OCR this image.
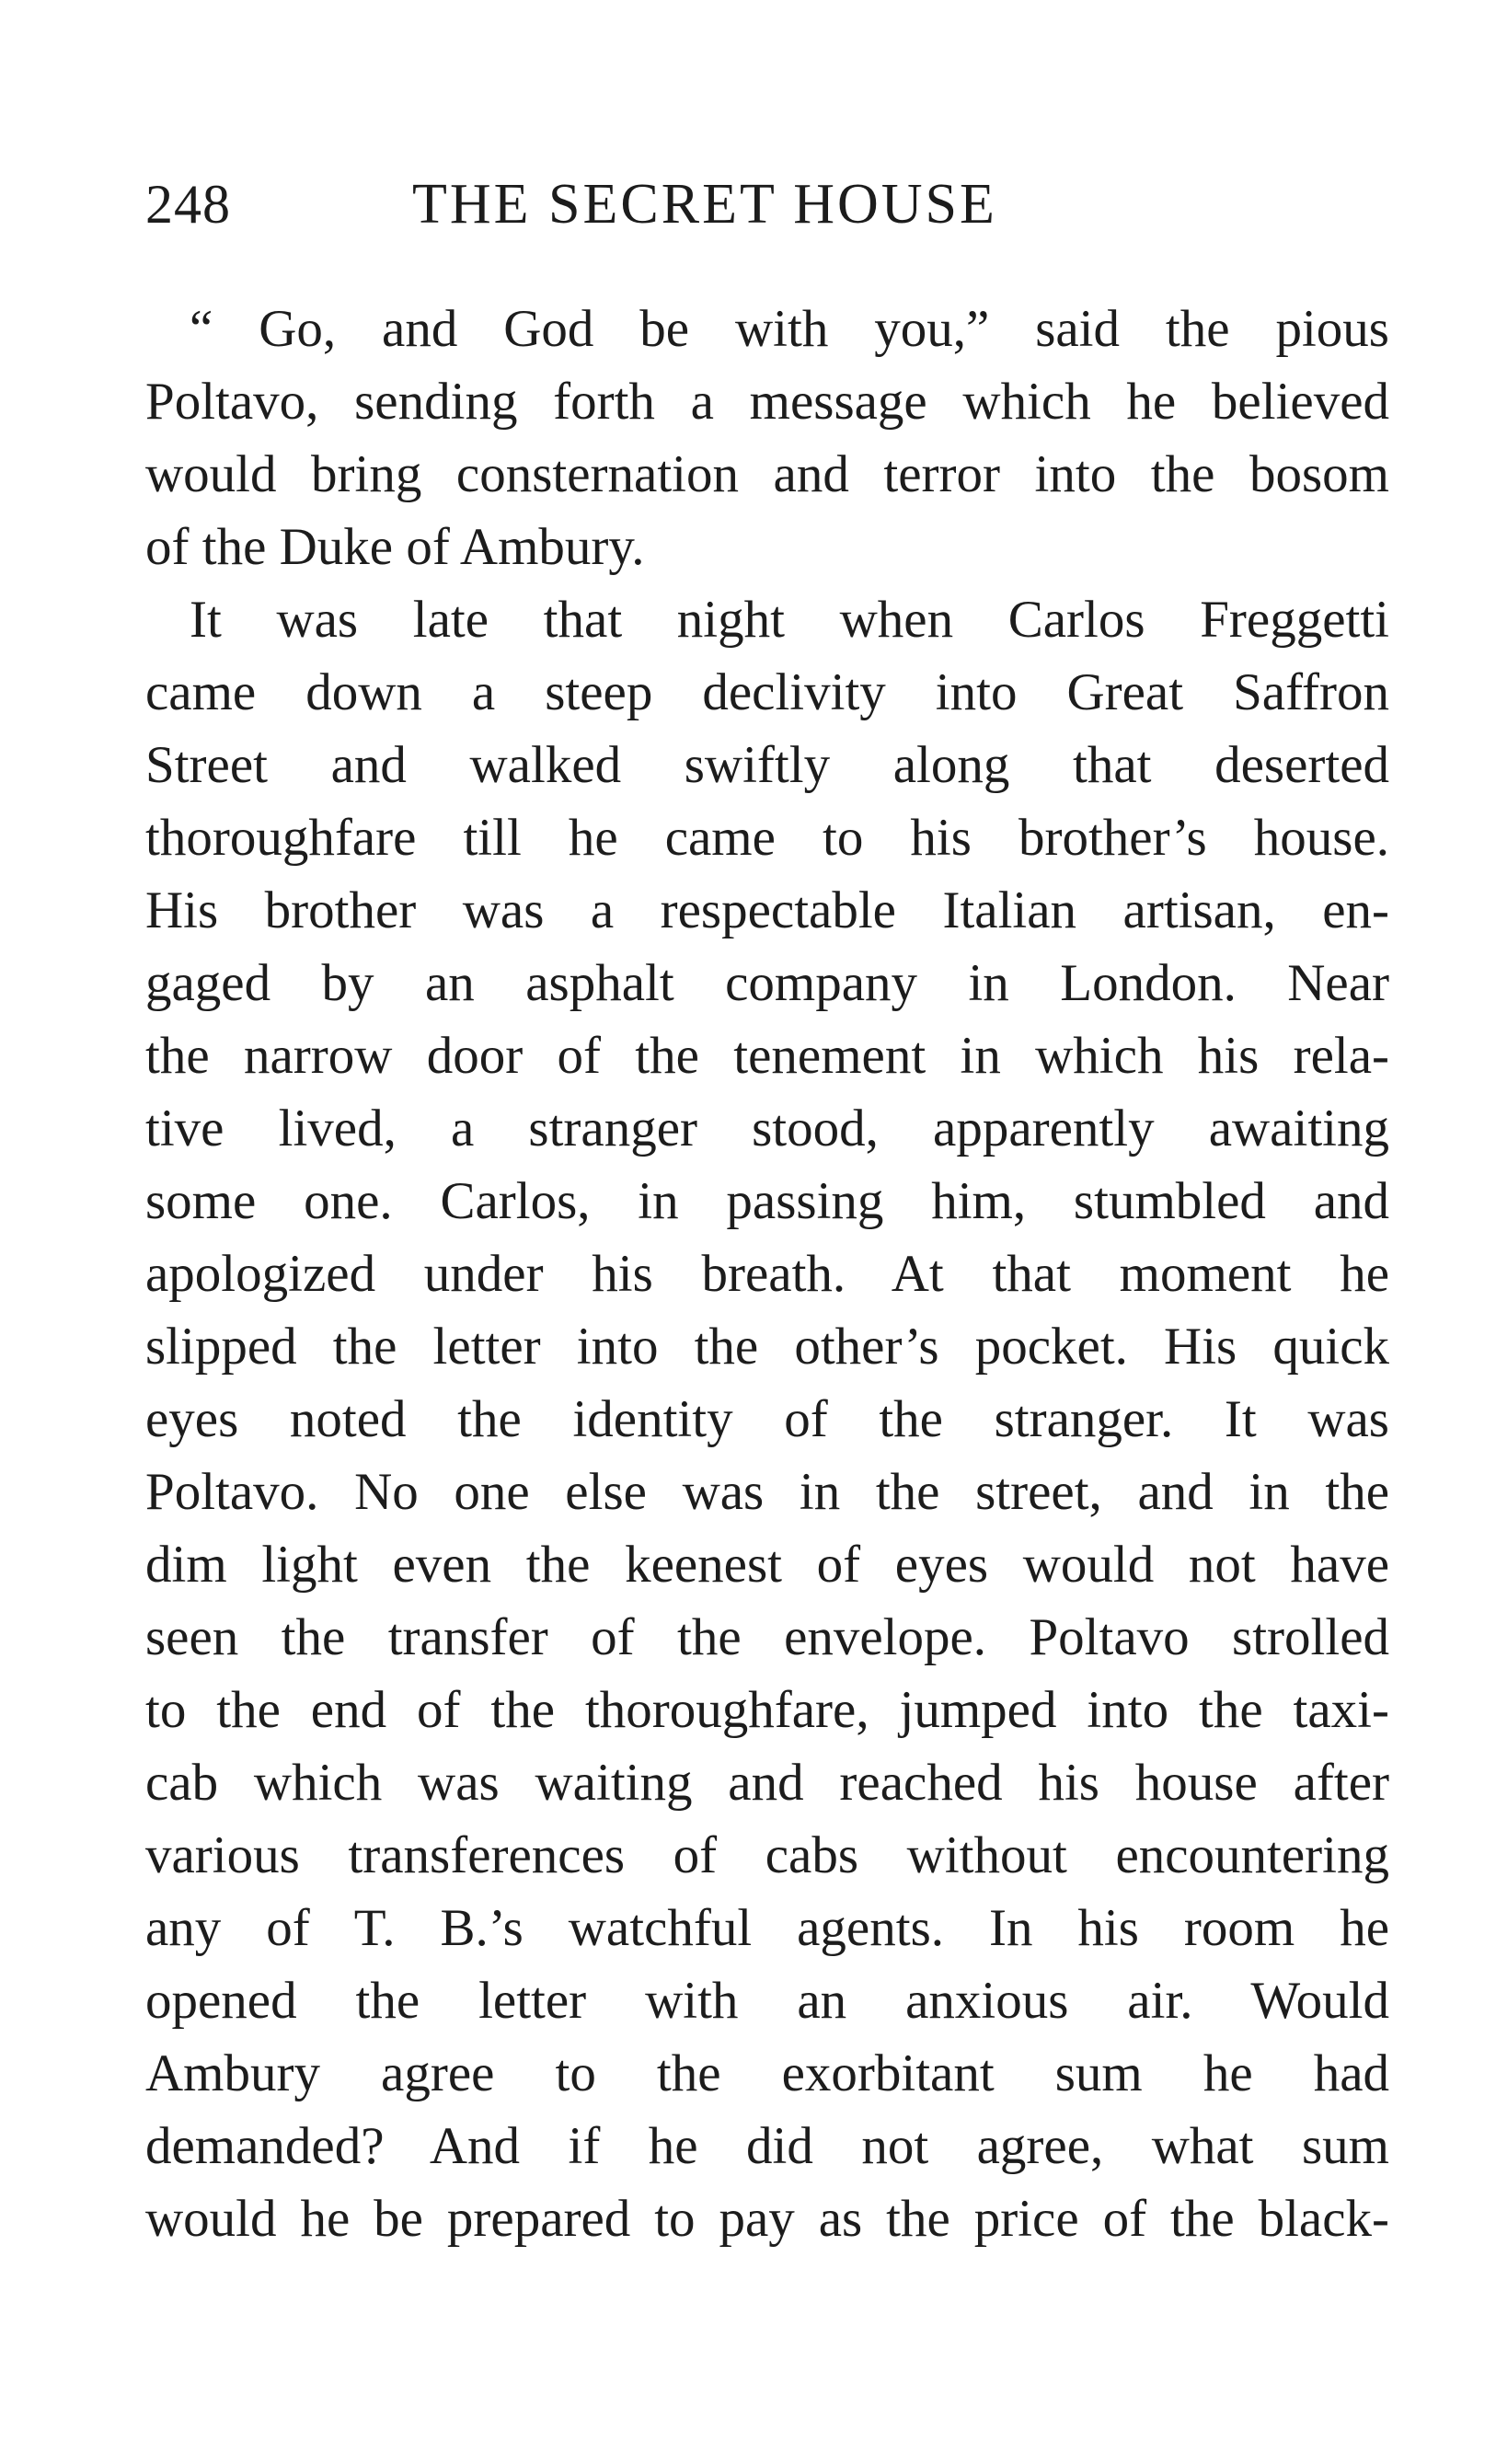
248	THE SECRET HOUSE
“ Go, and God be with you,” said the pious
Poltavo, sending forth a message which he believed
would bring consternation and terror into the bosom
of the Duke of Ambury.
It was late that night when Carlos Freggetti
came down a steep declivity into Great Saffron
Street and walked swiftly along that deserted
thoroughfare till he came to his brother’s house.
His brother was a respectable Italian artisan, en-
gaged by an asphalt company in London. Near
the narrow door of the tenement in which his rela-
tive lived, a stranger stood, apparently awaiting
some one. Carlos, in passing him, stumbled and
apologized under his breath. At that moment he
slipped the letter into the other’s pocket. His quick
eyes noted the identity of the stranger. It was
Poltavo. No one else was in the street, and in the
dim light even the keenest of eyes would not have
seen the transfer of the envelope. Poltavo strolled
to the end of the thoroughfare, jumped into the taxi-
cab which was waiting and reached his house after
various transferences of cabs without encountering
any of T. B.’s watchful agents. In his room he
opened the letter with an anxious air. Would
Ambury agree to the exorbitant sum he had
demanded? And if he did not agree, what sum
would he be prepared to pay as the price of the black-
